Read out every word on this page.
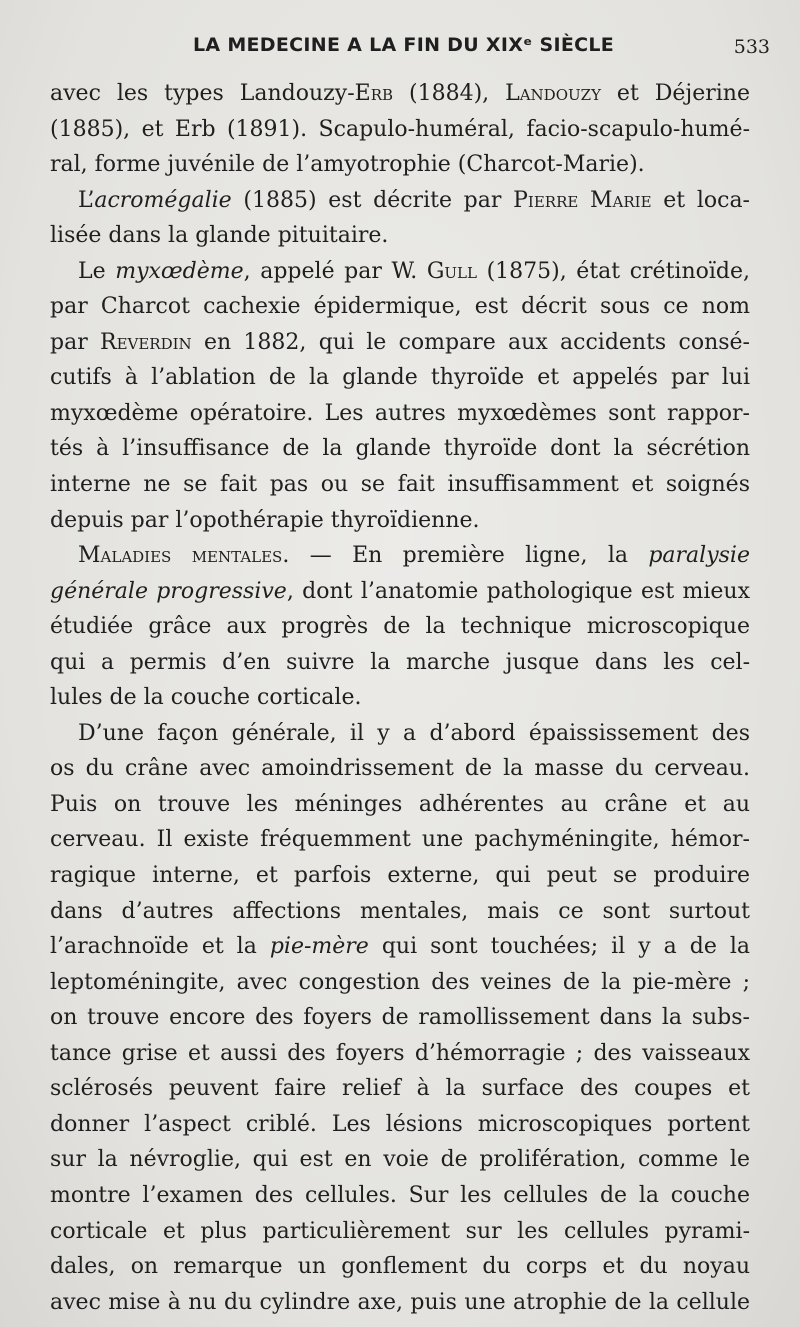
LA MEDECINE A LA FIN DU XIXᵉ SIÈCLE	533
avec les types Landouzy-Erb (1884), Landouzy et Déjerine
(1885), et Erb (1891). Scapulo-huméral, facio-scapulo-humé-
ral, forme juvénile de l’amyotrophie (Charcot-Marie).
L’acromégalie (1885) est décrite par Pierre Marie et loca-
lisée dans la glande pituitaire.
Le myxœdème, appelé par W. Gull (1875), état crétinoïde,
par Charcot cachexie épidermique, est décrit sous ce nom
par Reverdin en 1882, qui le compare aux accidents consé-
cutifs à l’ablation de la glande thyroïde et appelés par lui
myxœdème opératoire. Les autres myxœdèmes sont rappor-
tés à l’insuffisance de la glande thyroïde dont la sécrétion
interne ne se fait pas ou se fait insuffisamment et soignés
depuis par l’opothérapie thyroïdienne.
Maladies mentales. — En première ligne, la paralysie
générale progressive, dont l’anatomie pathologique est mieux
étudiée grâce aux progrès de la technique microscopique
qui a permis d’en suivre la marche jusque dans les cel-
lules de la couche corticale.
D’une façon générale, il y a d’abord épaississement des
os du crâne avec amoindrissement de la masse du cerveau.
Puis on trouve les méninges adhérentes au crâne et au
cerveau. Il existe fréquemment une pachyméningite, hémor-
ragique interne, et parfois externe, qui peut se produire
dans d’autres affections mentales, mais ce sont surtout
l’arachnoïde et la pie-mère qui sont touchées; il y a de la
leptoméningite, avec congestion des veines de la pie-mère ;
on trouve encore des foyers de ramollissement dans la subs-
tance grise et aussi des foyers d’hémorragie ; des vaisseaux
sclérosés peuvent faire relief à la surface des coupes et
donner l’aspect criblé. Les lésions microscopiques portent
sur la névroglie, qui est en voie de prolifération, comme le
montre l’examen des cellules. Sur les cellules de la couche
corticale et plus particulièrement sur les cellules pyrami-
dales, on remarque un gonflement du corps et du noyau
avec mise à nu du cylindre axe, puis une atrophie de la cellule
